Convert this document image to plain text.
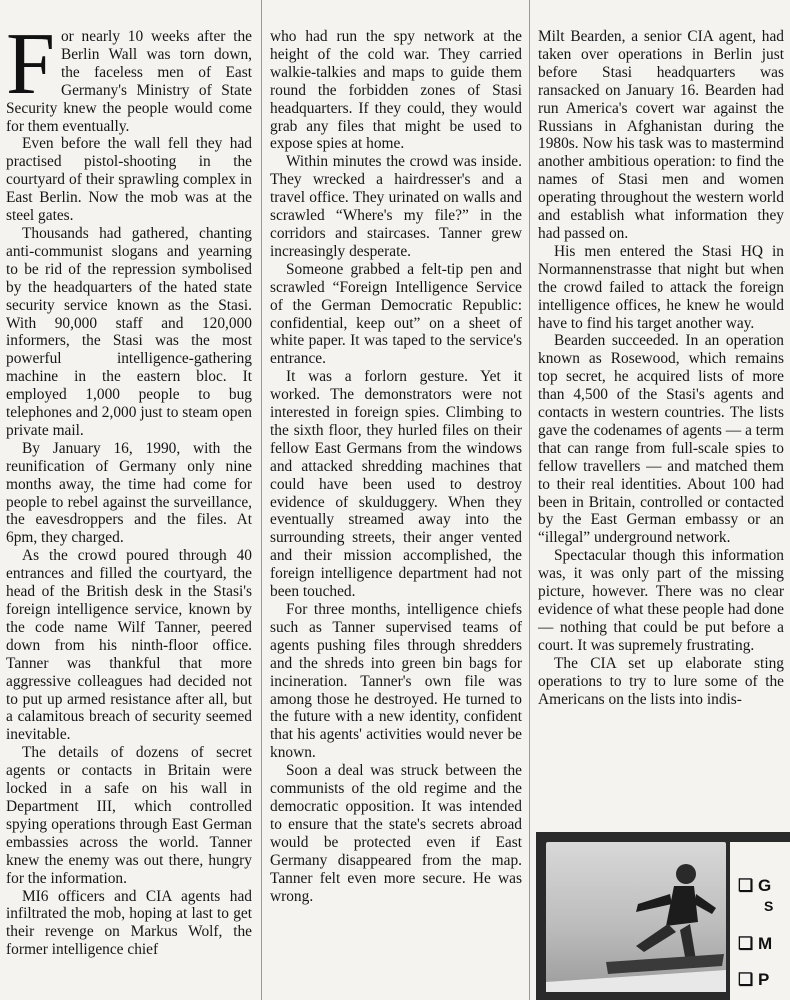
For nearly 10 weeks after the Berlin Wall was torn down, the faceless men of East Germany's Ministry of State Security knew the people would come for them eventually.

Even before the wall fell they had practised pistol-shooting in the courtyard of their sprawling complex in East Berlin. Now the mob was at the steel gates.

Thousands had gathered, chanting anti-communist slogans and yearning to be rid of the repression symbolised by the headquarters of the hated state security service known as the Stasi. With 90,000 staff and 120,000 informers, the Stasi was the most powerful intelligence-gathering machine in the eastern bloc. It employed 1,000 people to bug telephones and 2,000 just to steam open private mail.

By January 16, 1990, with the reunification of Germany only nine months away, the time had come for people to rebel against the surveillance, the eavesdroppers and the files. At 6pm, they charged.

As the crowd poured through 40 entrances and filled the courtyard, the head of the British desk in the Stasi's foreign intelligence service, known by the code name Wilf Tanner, peered down from his ninth-floor office. Tanner was thankful that more aggressive colleagues had decided not to put up armed resistance after all, but a calamitous breach of security seemed inevitable.

The details of dozens of secret agents or contacts in Britain were locked in a safe on his wall in Department III, which controlled spying operations through East German embassies across the world. Tanner knew the enemy was out there, hungry for the information.

MI6 officers and CIA agents had infiltrated the mob, hoping at last to get their revenge on Markus Wolf, the former intelligence chief

who had run the spy network at the height of the cold war. They carried walkie-talkies and maps to guide them round the forbidden zones of Stasi headquarters. If they could, they would grab any files that might be used to expose spies at home.

Within minutes the crowd was inside. They wrecked a hairdresser's and a travel office. They urinated on walls and scrawled “Where's my file?” in the corridors and staircases. Tanner grew increasingly desperate.

Someone grabbed a felt-tip pen and scrawled “Foreign Intelligence Service of the German Democratic Republic: confidential, keep out” on a sheet of white paper. It was taped to the service's entrance.

It was a forlorn gesture. Yet it worked. The demonstrators were not interested in foreign spies. Climbing to the sixth floor, they hurled files on their fellow East Germans from the windows and attacked shredding machines that could have been used to destroy evidence of skulduggery. When they eventually streamed away into the surrounding streets, their anger vented and their mission accomplished, the foreign intelligence department had not been touched.

For three months, intelligence chiefs such as Tanner supervised teams of agents pushing files through shredders and the shreds into green bin bags for incineration. Tanner's own file was among those he destroyed. He turned to the future with a new identity, confident that his agents' activities would never be known.

Soon a deal was struck between the communists of the old regime and the democratic opposition. It was intended to ensure that the state's secrets abroad would be protected even if East Germany disappeared from the map. Tanner felt even more secure. He was wrong.

Milt Bearden, a senior CIA agent, had taken over operations in Berlin just before Stasi headquarters was ransacked on January 16. Bearden had run America's covert war against the Russians in Afghanistan during the 1980s. Now his task was to mastermind another ambitious operation: to find the names of Stasi men and women operating throughout the western world and establish what information they had passed on.

His men entered the Stasi HQ in Normannenstrasse that night but when the crowd failed to attack the foreign intelligence offices, he knew he would have to find his target another way.

Bearden succeeded. In an operation known as Rosewood, which remains top secret, he acquired lists of more than 4,500 of the Stasi's agents and contacts in western countries. The lists gave the codenames of agents — a term that can range from full-scale spies to fellow travellers — and matched them to their real identities. About 100 had been in Britain, controlled or contacted by the East German embassy or an “illegal” underground network.

Spectacular though this information was, it was only part of the missing picture, however. There was no clear evidence of what these people had done — nothing that could be put before a court. It was supremely frustrating.

The CIA set up elaborate sting operations to try to lure some of the Americans on the lists into indis-

❏ G
S
❏ M
❏ P
